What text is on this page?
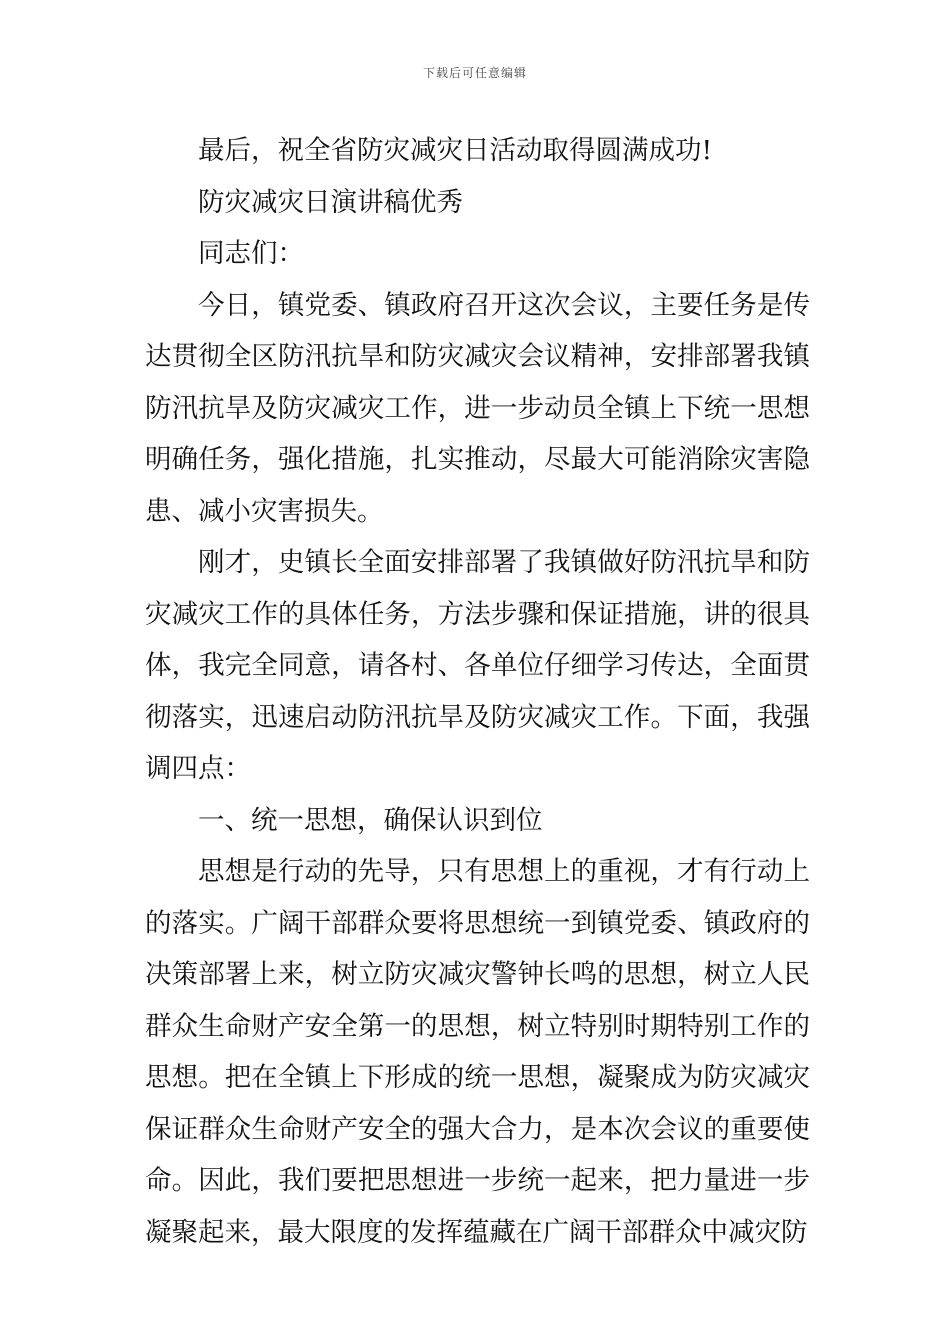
下载后可任意编辑

最后，祝全省防灾减灾日活动取得圆满成功!

防灾减灾日演讲稿优秀

同志们：

今日，镇党委、镇政府召开这次会议，主要任务是传达贯彻全区防汛抗旱和防灾减灾会议精神，安排部署我镇防汛抗旱及防灾减灾工作，进一步动员全镇上下统一思想明确任务，强化措施，扎实推动，尽最大可能消除灾害隐患、减小灾害损失。

刚才，史镇长全面安排部署了我镇做好防汛抗旱和防灾减灾工作的具体任务，方法步骤和保证措施，讲的很具体，我完全同意，请各村、各单位仔细学习传达，全面贯彻落实，迅速启动防汛抗旱及防灾减灾工作。下面，我强调四点：

一、统一思想，确保认识到位

思想是行动的先导，只有思想上的重视，才有行动上的落实。广阔干部群众要将思想统一到镇党委、镇政府的决策部署上来，树立防灾减灾警钟长鸣的思想，树立人民群众生命财产安全第一的思想，树立特别时期特别工作的思想。把在全镇上下形成的统一思想，凝聚成为防灾减灾保证群众生命财产安全的强大合力，是本次会议的重要使命。因此，我们要把思想进一步统一起来，把力量进一步凝聚起来，最大限度的发挥蕴藏在广阔干部群众中减灾防
